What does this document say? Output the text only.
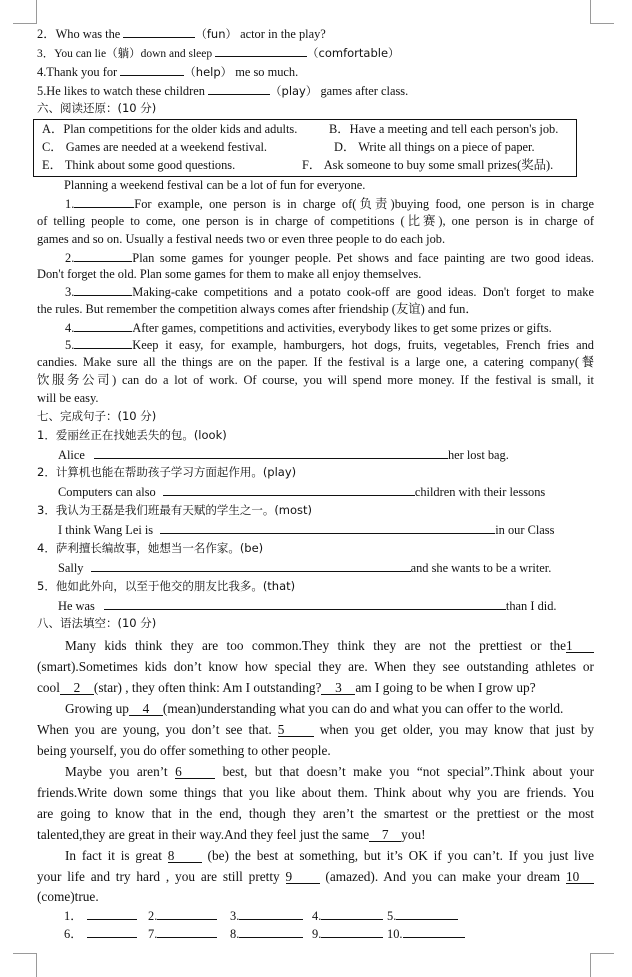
2．Who was the	（fun） actor in the play?
3．You can lie（躺）down and sleep	（comfortable）
4.Thank you for	（help） me so much.
5.He likes to watch these children	（play） games after class.
六、阅读还原：(10 分)
A．Plan competitions for the older kids and adults.	B．Have a meeting and tell each person's job.
C． Games are needed at a weekend festival.	D． Write all things on a piece of paper.
E． Think about some good questions.	F． Ask someone to buy some small prizes(奖品).
Planning a weekend festival can be a lot of fun for everyone.
1.	For example, one person is in charge of(负责)buying food, one person is in charge
of telling people to come, one person is in charge of competitions (比赛), one person is in charge of
games and so on. Usually a festival needs two or even three people to do each job.
2.	Plan some games for younger people. Pet shows and face painting are two good ideas.
Don't forget the old. Plan some games for them to make all enjoy themselves.
3.	Making-cake competitions and a potato cook-off are good ideas. Don't forget to make
the rules. But remember the competition always comes after friendship (友谊) and fun．
4.	After games, competitions and activities, everybody likes to get some prizes or gifts.
5.	Keep it easy, for example, hamburgers, hot dogs, fruits, vegetables, French fries and
candies. Make sure all the things are on the paper. If the festival is a large one, a catering company(餐
饮服务公司) can do a lot of work. Of course, you will spend more money. If the festival is small, it
will be easy.
七、完成句子：(10 分)
1．爱丽丝正在找她丢失的包。(look)
Alice	her lost bag.
2．计算机也能在帮助孩子学习方面起作用。(play)
Computers can also	children with their lessons
3．我认为王磊是我们班最有天赋的学生之一。(most)
I think Wang Lei is	in our Class
4．萨利擅长编故事，她想当一名作家。(be)
Sally	and she wants to be a writer.
5．他如此外向，以至于他交的朋友比我多。(that)
He was	than I did.
八、语法填空：(10 分)
Many kids think they are too common.They think they are not the prettiest or the1
(smart).Sometimes kids don’t know how special they are. When they see outstanding athletes or
cool 2 (star) , they often think: Am I outstanding? 3 am I going to be when I grow up?
Growing up 4 (mean)understanding what you can do and what you can offer to the world.
When you are young, you don’t see that. 5	when you get older, you may know that just by
being yourself, you do offer something to other people.
Maybe you aren’t 6	best, but that doesn’t make you “not special”.Think about your
friends.Write down some things that you like about them. Think about why you are friends. You
are going to know that in the end, though they aren’t the smartest or the prettiest or the most
talented,they are great in their way.And they feel just the same 7 you!
In fact it is great 8 (be) the best at something, but it’s OK if you can’t. If you just live
your life and try hard , you are still pretty 9 (amazed). And you can make your dream 10
(come)true.
1．	2.	3.	4.	5.
6．	7.	8.	9.	10.
